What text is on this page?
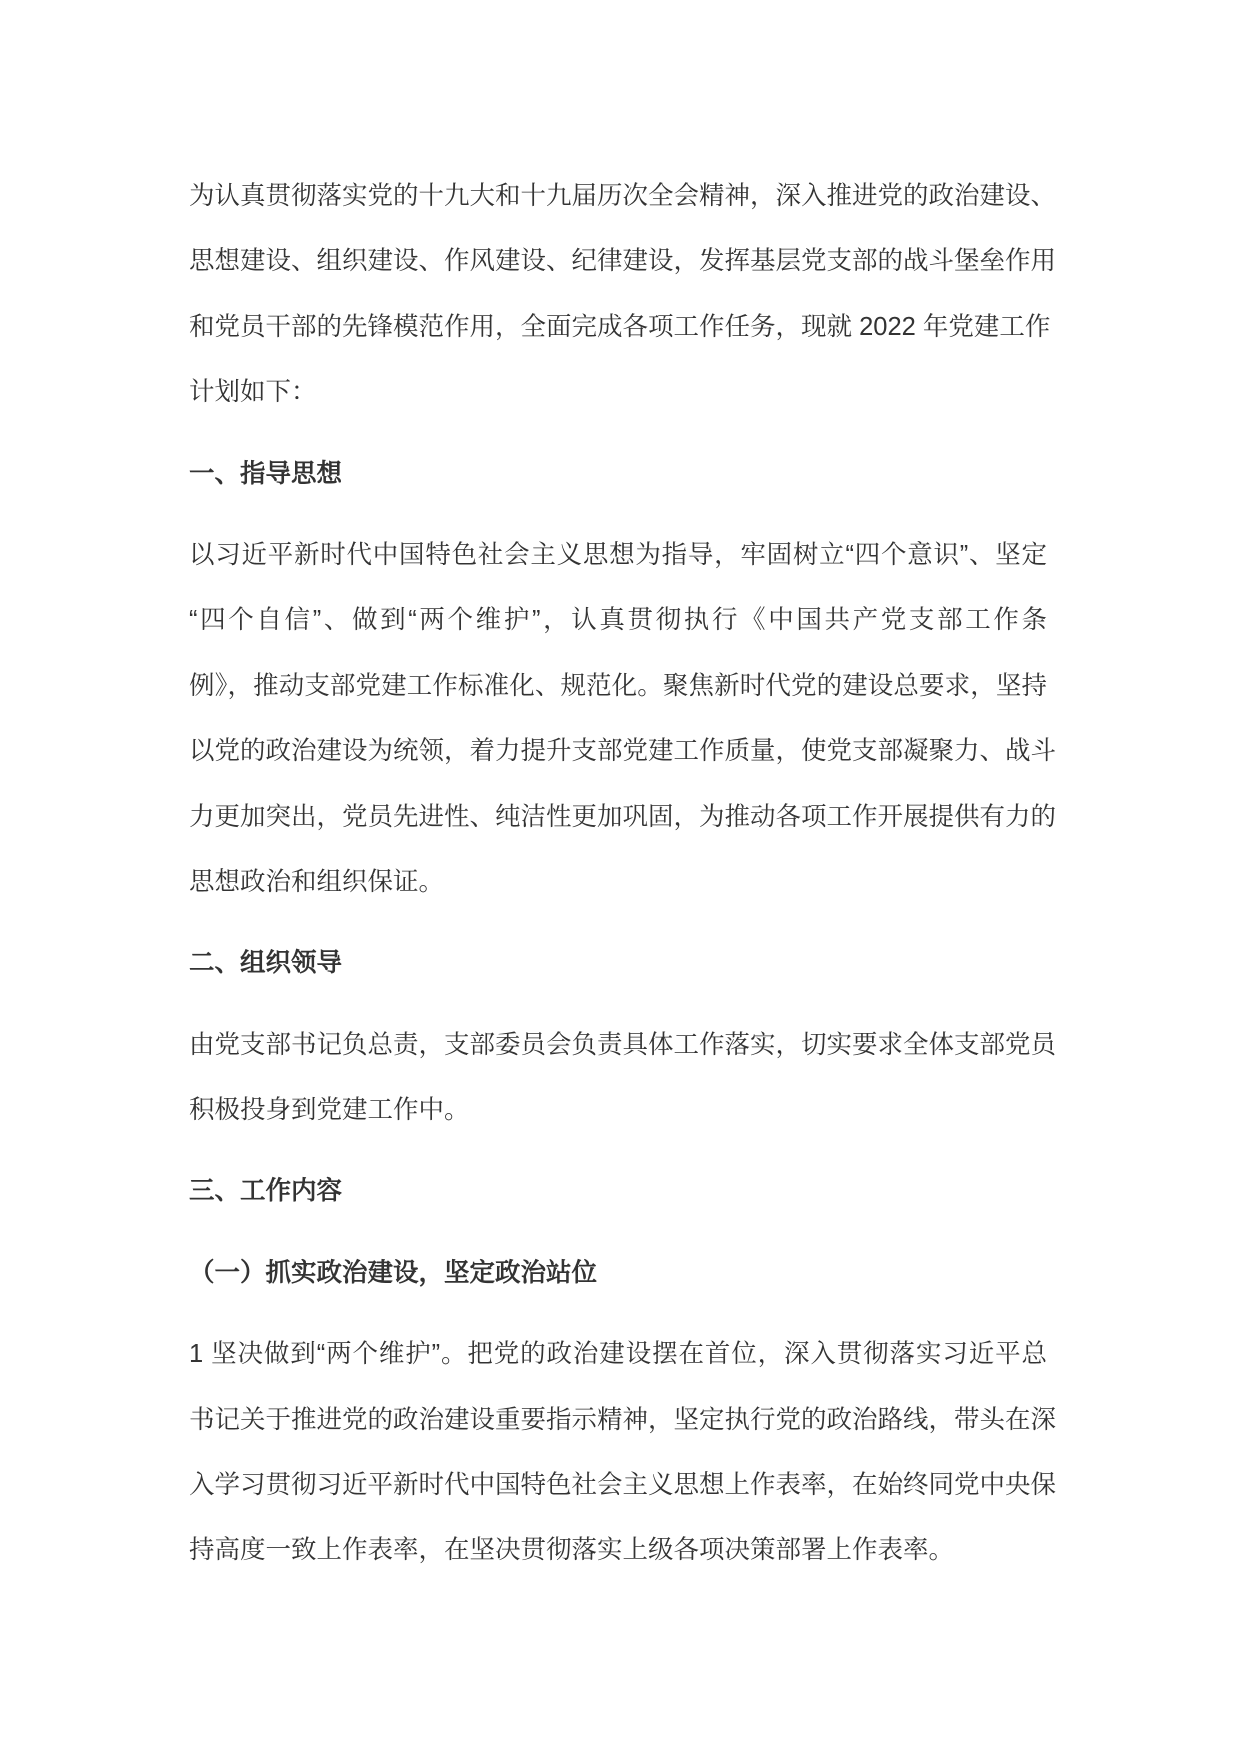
为认真贯彻落实党的十九大和十九届历次全会精神，深入推进党的政治建设、
思想建设、组织建设、作风建设、纪律建设，发挥基层党支部的战斗堡垒作用
和党员干部的先锋模范作用，全面完成各项工作任务，现就 2022 年党建工作
计划如下：
一、指导思想
以习近平新时代中国特色社会主义思想为指导，牢固树立“四个意识”、坚定
“四个自信”、做到“两个维护”，认真贯彻执行《中国共产党支部工作条
例》，推动支部党建工作标准化、规范化。聚焦新时代党的建设总要求，坚持
以党的政治建设为统领，着力提升支部党建工作质量，使党支部凝聚力、战斗
力更加突出，党员先进性、纯洁性更加巩固，为推动各项工作开展提供有力的
思想政治和组织保证。
二、组织领导
由党支部书记负总责，支部委员会负责具体工作落实，切实要求全体支部党员
积极投身到党建工作中。
三、工作内容
（一）抓实政治建设，坚定政治站位
1 坚决做到“两个维护”。把党的政治建设摆在首位，深入贯彻落实习近平总
书记关于推进党的政治建设重要指示精神，坚定执行党的政治路线，带头在深
入学习贯彻习近平新时代中国特色社会主义思想上作表率，在始终同党中央保
持高度一致上作表率，在坚决贯彻落实上级各项决策部署上作表率。
